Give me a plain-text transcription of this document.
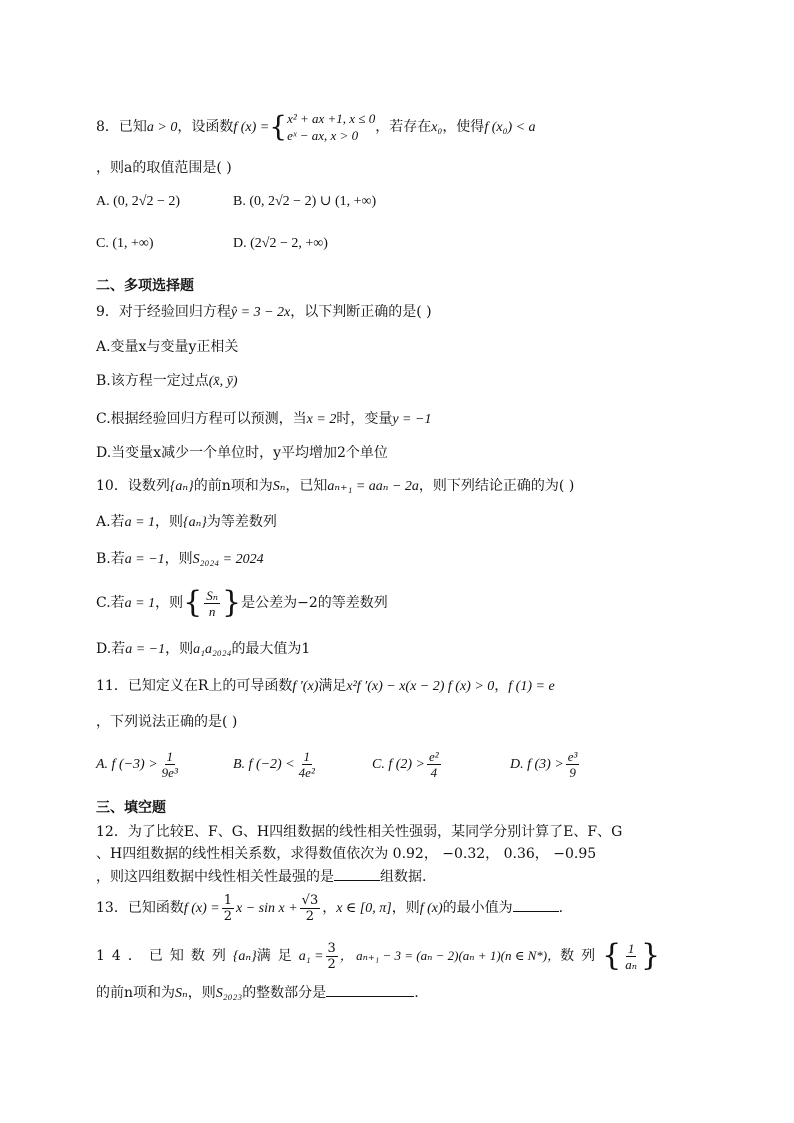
8．已知a > 0，设函数f (x) ={ x² + ax +1, x ≤ 0
eˣ − ax, x > 0
，若存在x₀，使得f (x₀) < a
，则a的取值范围是( )
A. (0, 2√2 − 2)	B. (0, 2√2 − 2) ∪ (1, +∞)
C. (1, +∞)	D. (2√2 − 2, +∞)
二、多项选择题
9．对于经验回归方程ŷ = 3 − 2x，以下判断正确的是( )
A.变量x与变量y正相关
B.该方程一定过点(x̄, ȳ)
C.根据经验回归方程可以预测，当x = 2时，变量y = −1
D.当变量x减少一个单位时，y平均增加2个单位
10．设数列{aₙ}的前n项和为Sₙ，已知aₙ₊₁ = aaₙ − 2a，则下列结论正确的为( )
A.若a = 1，则{aₙ}为等差数列
B.若a = −1，则S₂₀₂₄ = 2024
C.若a = 1，则{ $\frac{\text{Sₙ}}{n}$ }是公差为−2的等差数列
D.若a = −1，则a₁a₂₀₂₄的最大值为1
11．已知定义在R上的可导函数f ′(x)满足x²f ′(x) − x(x − 2) f (x) > 0，f (1) = e
，下列说法正确的是( )
A. f $(-3) > \frac{1}{\text{9e³}}$	B. f $(-2) < \frac{1}{\text{4e²}}$	C. f $(2) > \frac{\text{e²}}{4}$	D. f $(3) > \frac{\text{e³}}{9}$
三、填空题
12．为了比较E、F、G、H四组数据的线性相关性强弱，某同学分别计算了E、F、G
、H四组数据的线性相关系数，求得数值依次为 0.92， −0.32， 0.36， −0.95
，则这四组数据中线性相关性最强的是	组数据.
13．已知函数f $(x) = \frac{1}{2}$ $x - \sin x + \frac{√3}{2}$ ，x ∈ [0, π]，则f (x)的最小值为	.
14．已知数列{aₙ}满足$a_1 = \frac{3}{2}$ ， aₙ₊₁ − 3 = (aₙ − 2)(aₙ + 1)(n ∈ N*)，数列{ $\frac{1}{\text{aₙ}}$ }
的前n项和为Sₙ，则S₂₀₂₃的整数部分是	.
